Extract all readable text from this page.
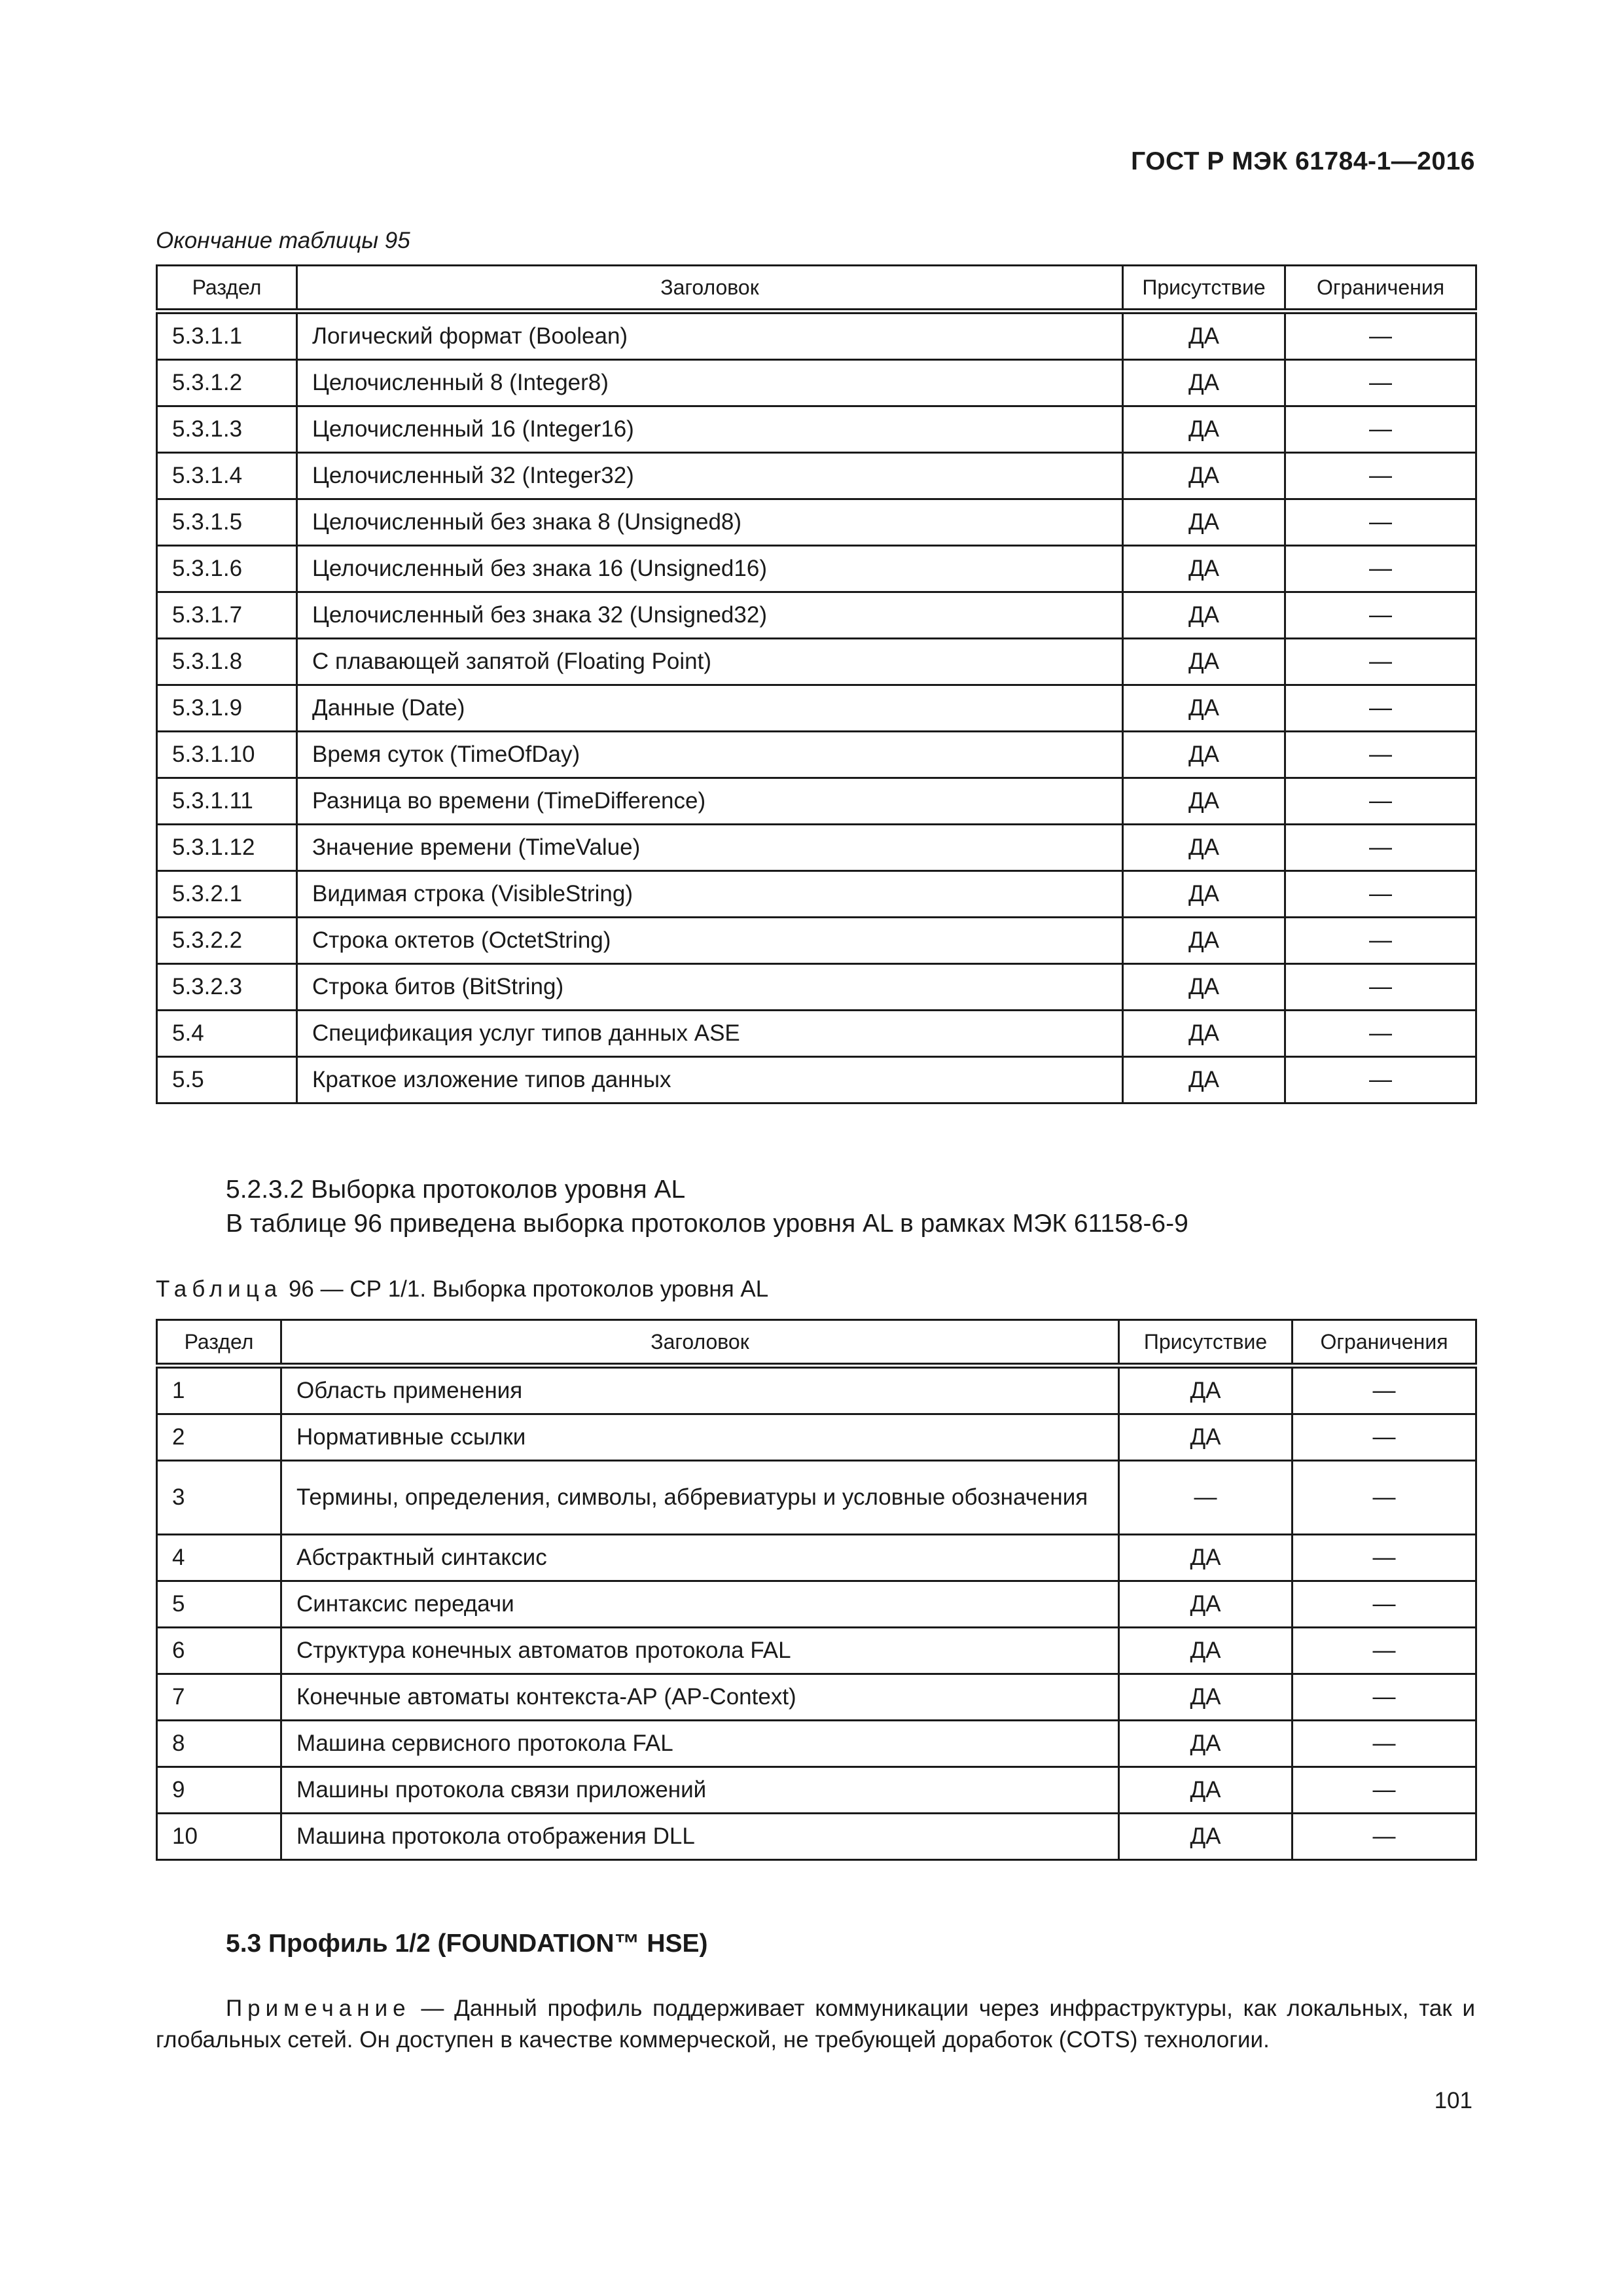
ГОСТ Р МЭК 61784-1—2016
Окончание таблицы 95
Раздел	Заголовок	Присутствие	Ограничения
5.3.1.1	Логический формат (Boolean)	ДА	—
5.3.1.2	Целочисленный 8 (Integer8)	ДА	—
5.3.1.3	Целочисленный 16 (Integer16)	ДА	—
5.3.1.4	Целочисленный 32 (Integer32)	ДА	—
5.3.1.5	Целочисленный без знака 8 (Unsigned8)	ДА	—
5.3.1.6	Целочисленный без знака 16 (Unsigned16)	ДА	—
5.3.1.7	Целочисленный без знака 32 (Unsigned32)	ДА	—
5.3.1.8	С плавающей запятой (Floating Point)	ДА	—
5.3.1.9	Данные (Date)	ДА	—
5.3.1.10	Время суток (TimeOfDay)	ДА	—
5.3.1.11	Разница во времени (TimeDifference)	ДА	—
5.3.1.12	Значение времени (TimeValue)	ДА	—
5.3.2.1	Видимая строка (VisibleString)	ДА	—
5.3.2.2	Строка октетов (OctetString)	ДА	—
5.3.2.3	Строка битов (BitString)	ДА	—
5.4	Спецификация услуг типов данных ASE	ДА	—
5.5	Краткое изложение типов данных	ДА	—
5.2.3.2 Выборка протоколов уровня AL
В таблице 96 приведена выборка протоколов уровня AL в рамках МЭК 61158-6-9
Таблица 96 — СР 1/1. Выборка протоколов уровня AL
Раздел	Заголовок	Присутствие	Ограничения
1	Область применения	ДА	—
2	Нормативные ссылки	ДА	—
3	Термины, определения, символы, аббревиатуры и условные обозначения	—	—
4	Абстрактный синтаксис	ДА	—
5	Синтаксис передачи	ДА	—
6	Структура конечных автоматов протокола FAL	ДА	—
7	Конечные автоматы контекста-АР (AP-Context)	ДА	—
8	Машина сервисного протокола FAL	ДА	—
9	Машины протокола связи приложений	ДА	—
10	Машина протокола отображения DLL	ДА	—
5.3 Профиль 1/2 (FOUNDATION™ HSE)
Примечание — Данный профиль поддерживает коммуникации через инфраструктуры, как локальных, так и глобальных сетей. Он доступен в качестве коммерческой, не требующей доработок (COTS) технологии.
101
